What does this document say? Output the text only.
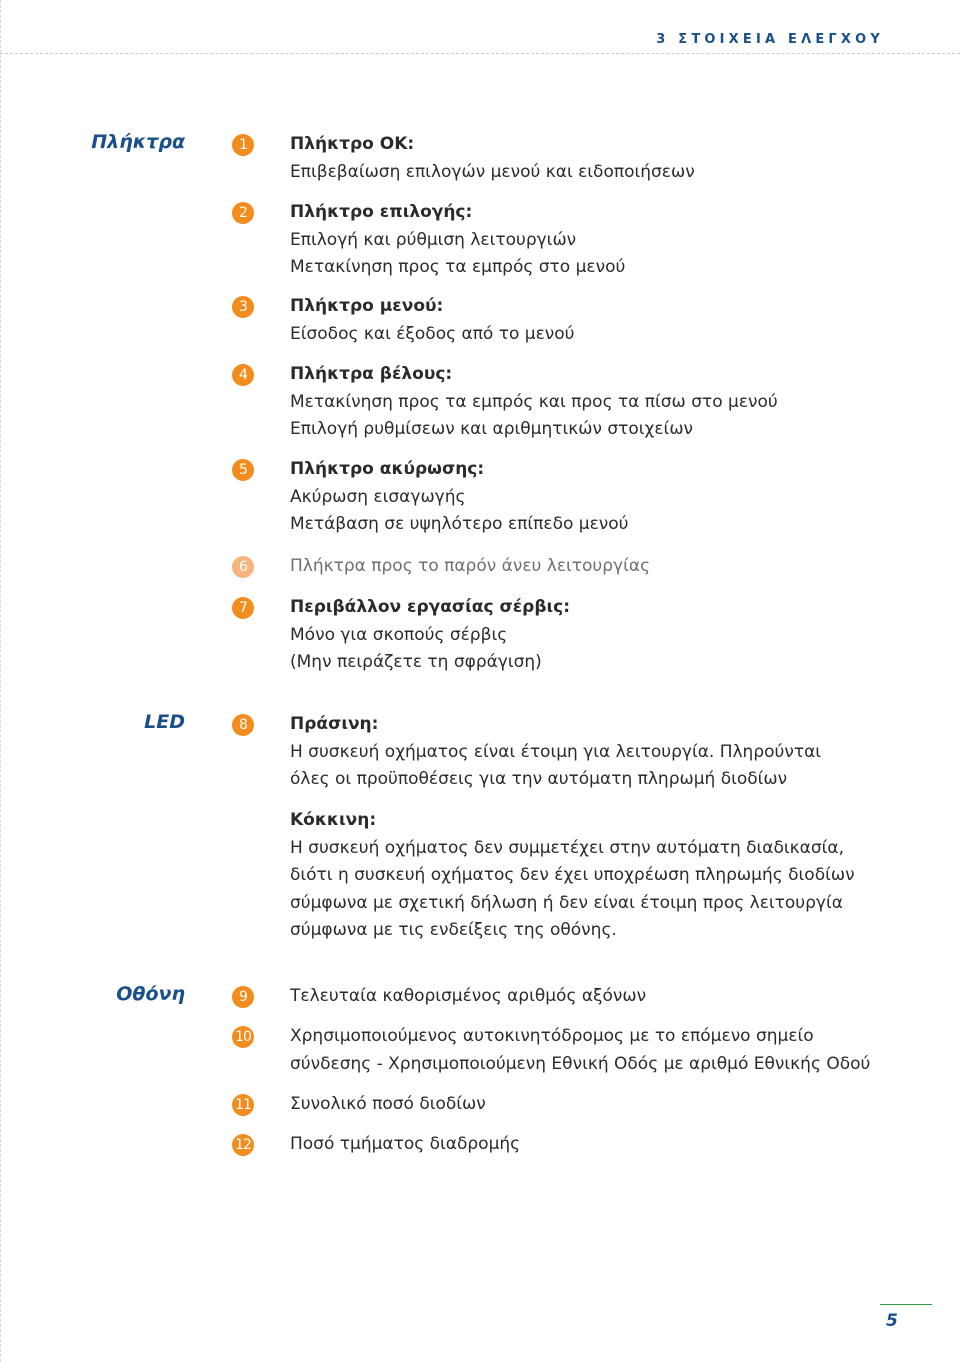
3 ΣΤΟΙΧΕΙΑ ΕΛΕΓΧΟΥ
Πλήκτρα
LED
Οθόνη
1	Πλήκτρο ΟΚ:
Επιβεβαίωση επιλογών μενού και ειδοποιήσεων
2	Πλήκτρο επιλογής:
Επιλογή και ρύθμιση λειτουργιών
Μετακίνηση προς τα εμπρός στο μενού
3	Πλήκτρο μενού:
Είσοδος και έξοδος από το μενού
4	Πλήκτρα βέλους:
Μετακίνηση προς τα εμπρός και προς τα πίσω στο μενού
Επιλογή ρυθμίσεων και αριθμητικών στοιχείων
5	Πλήκτρο ακύρωσης:
Ακύρωση εισαγωγής
Μετάβαση σε υψηλότερο επίπεδο μενού
6	Πλήκτρα προς το παρόν άνευ λειτουργίας
7	Περιβάλλον εργασίας σέρβις:
Μόνο για σκοπούς σέρβις
(Μην πειράζετε τη σφράγιση)
8	Πράσινη:
Η συσκευή οχήματος είναι έτοιμη για λειτουργία. Πληρούνται
όλες οι προϋποθέσεις για την αυτόματη πληρωμή διοδίων
Κόκκινη:
Η συσκευή οχήματος δεν συμμετέχει στην αυτόματη διαδικασία,
διότι η συσκευή οχήματος δεν έχει υποχρέωση πληρωμής διοδίων
σύμφωνα με σχετική δήλωση ή δεν είναι έτοιμη προς λειτουργία
σύμφωνα με τις ενδείξεις της οθόνης.
9	Τελευταία καθορισμένος αριθμός αξόνων
10 Χρησιμοποιούμενος αυτοκινητόδρομος με το επόμενο σημείο
σύνδεσης - Χρησιμοποιούμενη Εθνική Οδός με αριθμό Εθνικής Οδού
11 Συνολικό ποσό διοδίων
12 Ποσό τμήματος διαδρομής
5
